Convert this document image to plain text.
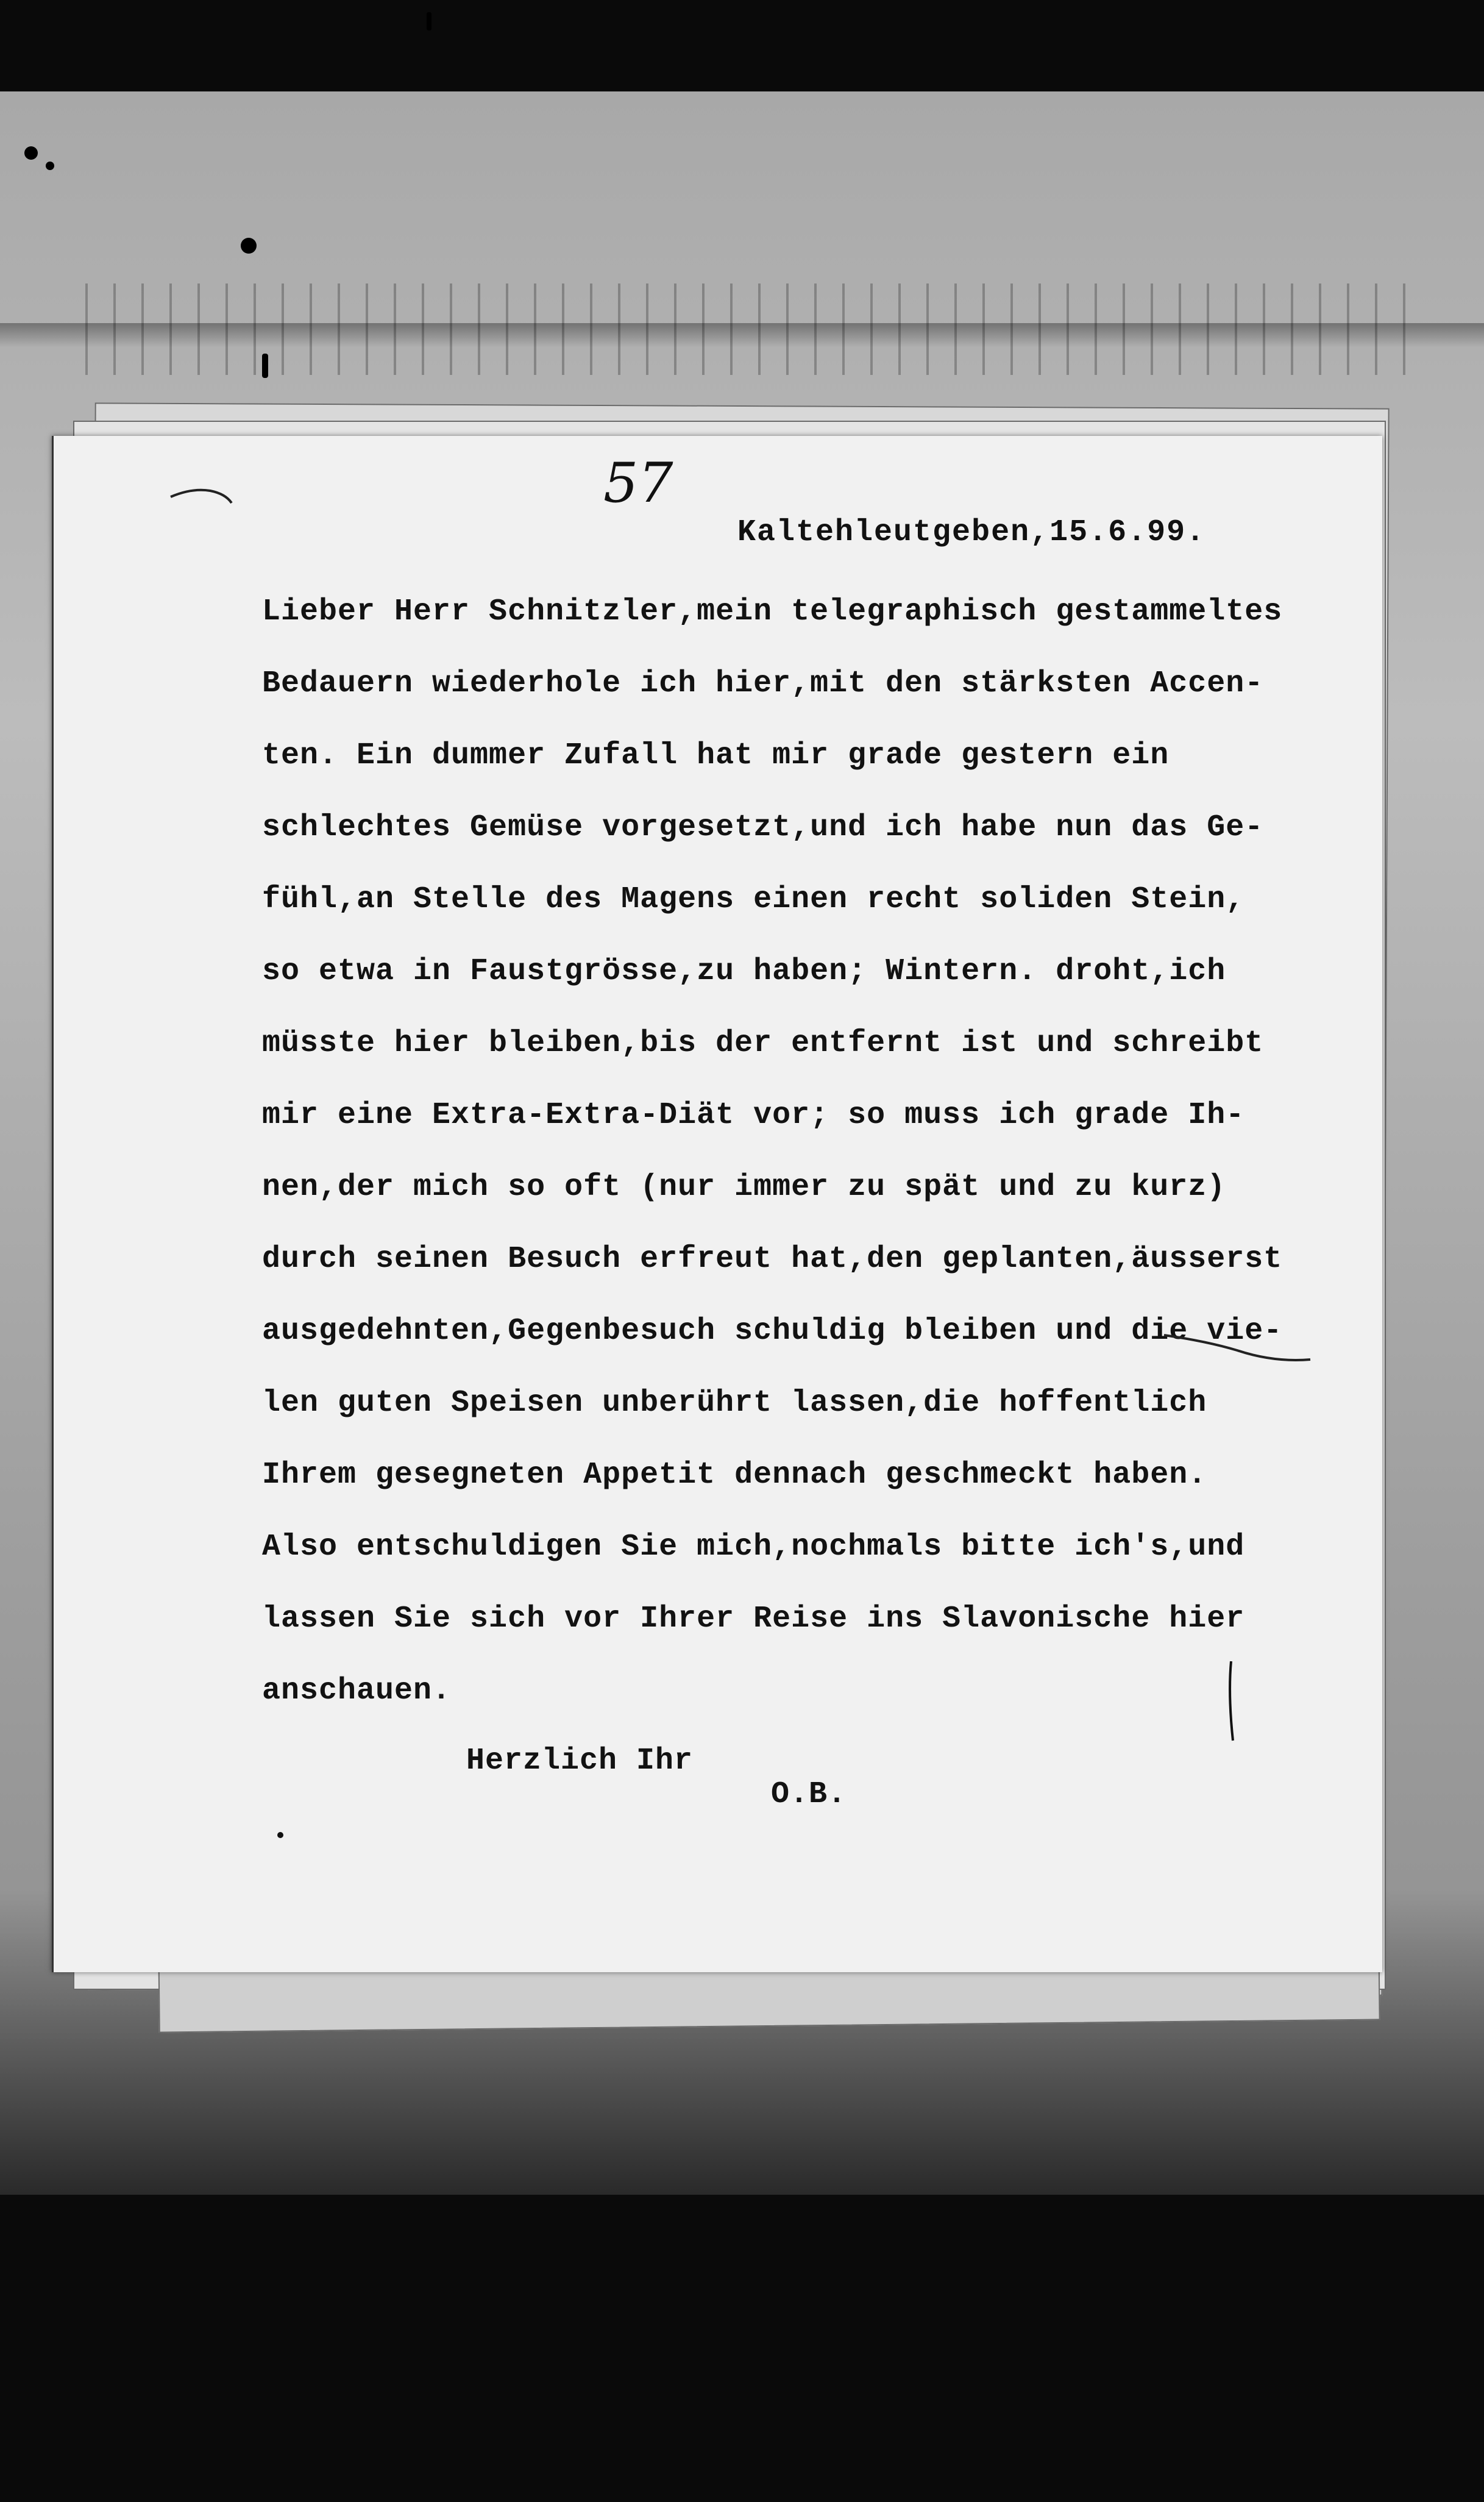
57
Kaltehleutgeben,15.6.99.
Lieber Herr Schnitzler,mein telegraphisch gestammeltes
Bedauern wiederhole ich hier,mit den stärksten Accen-
ten. Ein dummer Zufall hat mir grade gestern ein
schlechtes Gemüse vorgesetzt,und ich habe nun das Ge-
fühl,an Stelle des Magens einen recht soliden Stein,
so etwa in Faustgrösse,zu haben; Wintern. droht,ich
müsste hier bleiben,bis der entfernt ist und schreibt
mir eine Extra-Extra-Diät vor; so muss ich grade Ih-
nen,der mich so oft (nur immer zu spät und zu kurz)
durch seinen Besuch erfreut hat,den geplanten,äusserst
ausgedehnten,Gegenbesuch schuldig bleiben und die vie-
len guten Speisen unberührt lassen,die hoffentlich
Ihrem gesegneten Appetit dennach geschmeckt haben.
Also entschuldigen Sie mich,nochmals bitte ich's,und
lassen Sie sich vor Ihrer Reise ins Slavonische hier
anschauen.
Herzlich Ihr
O.B.
